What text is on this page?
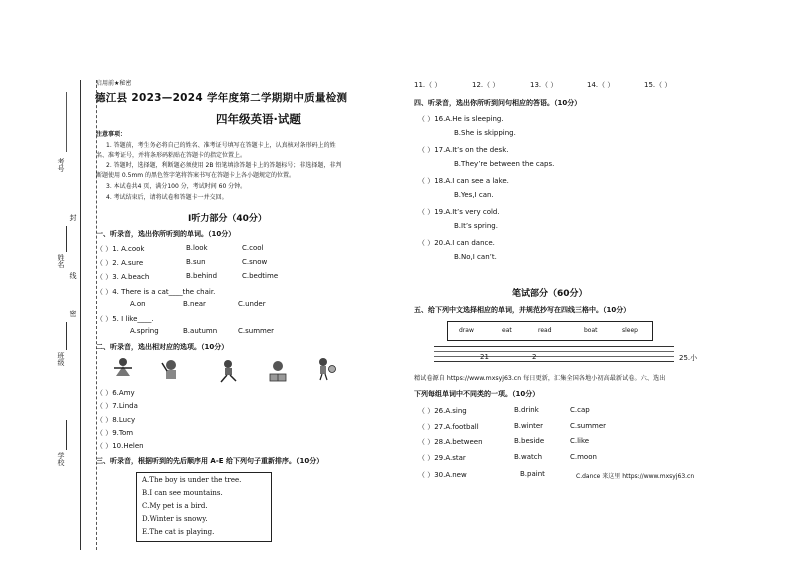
考号
封
姓名
线
密
班级
学校
启用前★秘密
德江县 2023—2024 学年度第二学期期中质量检测
四年级英语·试题
注意事项：
1. 答题前，考生务必将自己的姓名、准考证号填写在答题卡上，认真核对条形码上的姓
名、准考证号，并将条形码粘贴在答题卡的指定位置上。
2. 答题时，选择题，利断题必须使用 2B 铅笔填涂答题卡上的答题标号；非选择题，非判
断题使用 0.5mm 的黑色签字笔将答案书写在答题卡上各小题规定的位置。
3. 本试卷共4 页，满分100 分，考试时间 60 分钟。
4. 考试结束后，请将试卷和答题卡一并交回。
Ⅰ听力部分（40分）
一、听录音，选出你所听到的单词。（10分）
（ ）1. A.cook	B.look	C.cool
（ ）2. A.sure	B.sun	C.snow
（ ）3. A.beach	B.behind	C.bedtime
（ ）4. There is a cat____the chair.
A.on	B.near	C.under
（ ）5. I like____.
A.spring	B.autumn	C.summer
二、听录音，选出相对应的选项。（10分）
（ ）6.Amy
（ ）7.Linda
（ ）8.Lucy
（ ）9.Tom
（ ）10.Helen
三、听录音，根据听到的先后顺序用 A-E 给下列句子重新排序。（10分）
A.The boy is under the tree.
B.I can see mountains.
C.My pet is a bird.
D.Winter is snowy.
E.The cat is playing.
11.（ ）	12.（ ）	13.（ ）	14.（ ）	15.（ ）
四、听录音，选出你所听到问句相应的答语。（10分）
（ ）16.A.He is sleeping.
B.She is skipping.
（ ）17.A.It’s on the desk.
B.They’re between the caps.
（ ）18.A.I can see a lake.
B.Yes,I can.
（ ）19.A.It’s very cold.
B.It’s spring.
（ ）20.A.I can dance.
B.No,I can’t.
笔试部分（60分）
五、给下列中文选择相应的单词，并规范抄写在四线三格中。（10分）
draw	eat	read	boat	sleep
21	2	25.小
精试卷源自 https://www.mxsyj63.cn 每日更新，汇集全国各地小初高最新试卷。六、选出
下列每组单词中不同类的一项。（10分）
（ ）26.A.sing	B.drink	C.cap
（ ）27.A.football	B.winter	C.summer
（ ）28.A.between	B.beside	C.like
（ ）29.A.star	B.watch	C.moon
（ ）30.A.new	B.paint	C.dance 来这里 https://www.mxsyj63.cn
